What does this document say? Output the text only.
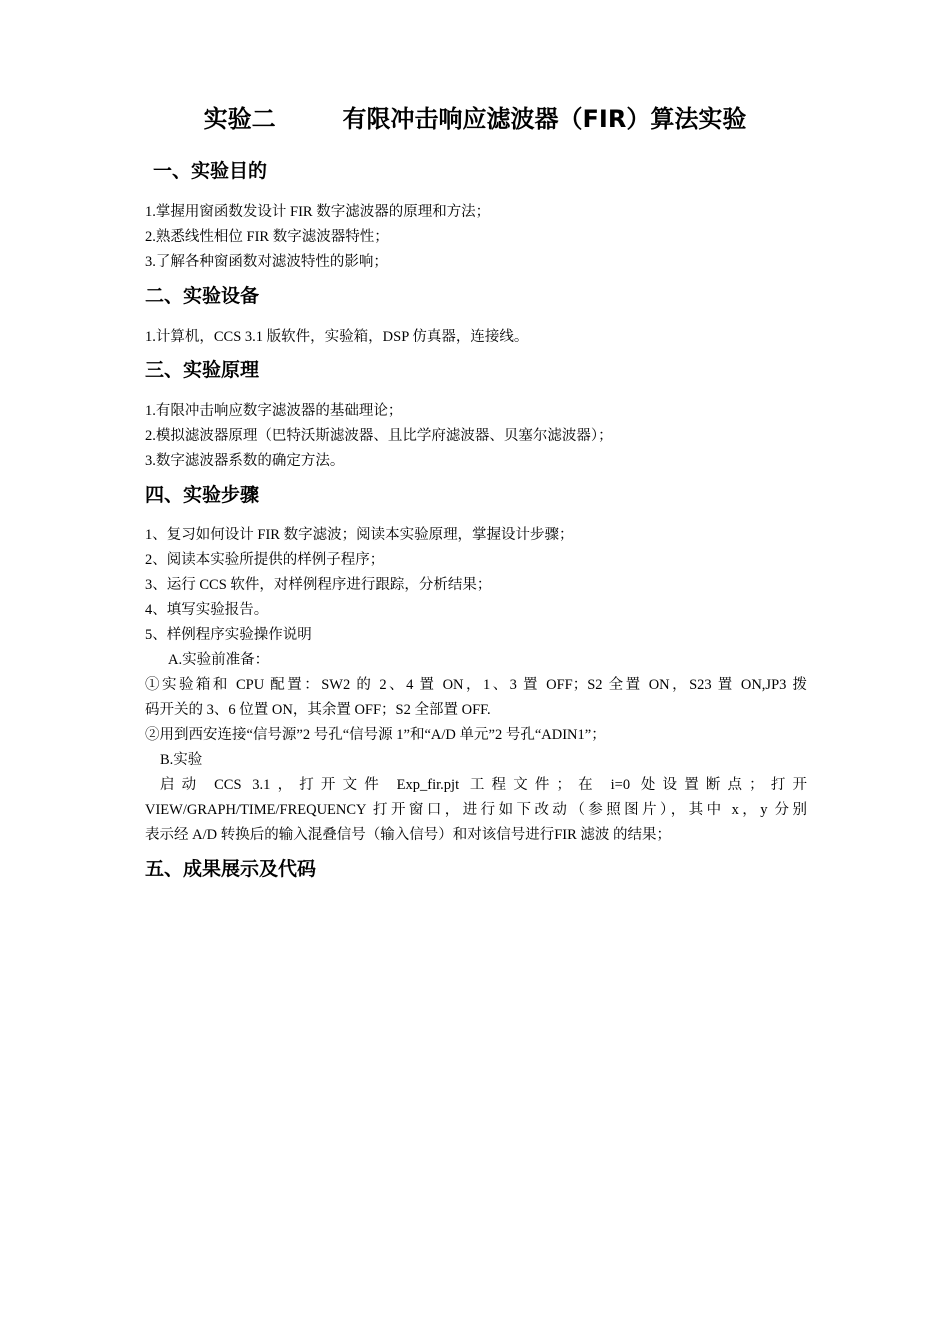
实验二        有限冲击响应滤波器（FIR）算法实验
一、实验目的
1.掌握用窗函数发设计 FIR 数字滤波器的原理和方法；
2.熟悉线性相位 FIR 数字滤波器特性；
3.了解各种窗函数对滤波特性的影响；
二、实验设备
1.计算机，CCS 3.1 版软件，实验箱，DSP 仿真器，连接线。
三、实验原理
1.有限冲击响应数字滤波器的基础理论；
2.模拟滤波器原理（巴特沃斯滤波器、且比学府滤波器、贝塞尔滤波器）；
3.数字滤波器系数的确定方法。
四、实验步骤
1、复习如何设计 FIR 数字滤波；阅读本实验原理，掌握设计步骤；
2、阅读本实验所提供的样例子程序；
3、运行 CCS 软件，对样例程序进行跟踪，分析结果；
4、填写实验报告。
5、样例程序实验操作说明
A.实验前准备：
①实验箱和 CPU 配置：SW2 的 2、4 置 ON，1、3 置 OFF；S2 全置 ON，S23 置 ON,JP3 拨
码开关的 3、6 位置 ON，其余置 OFF；S2 全部置 OFF.
②用到西安连接“信号源”2 号孔“信号源 1”和“A/D 单元”2 号孔“ADIN1”；
B.实验
启动 CCS 3.1，打开文件 Exp_fir.pjt 工程文件；在 i=0 处设置断点；打开
VIEW/GRAPH/TIME/FREQUENCY 打开窗口，进行如下改动（参照图片），其中 x，y 分别
表示经 A/D 转换后的输入混叠信号（输入信号）和对该信号进行FIR 滤波 的结果；
五、成果展示及代码
